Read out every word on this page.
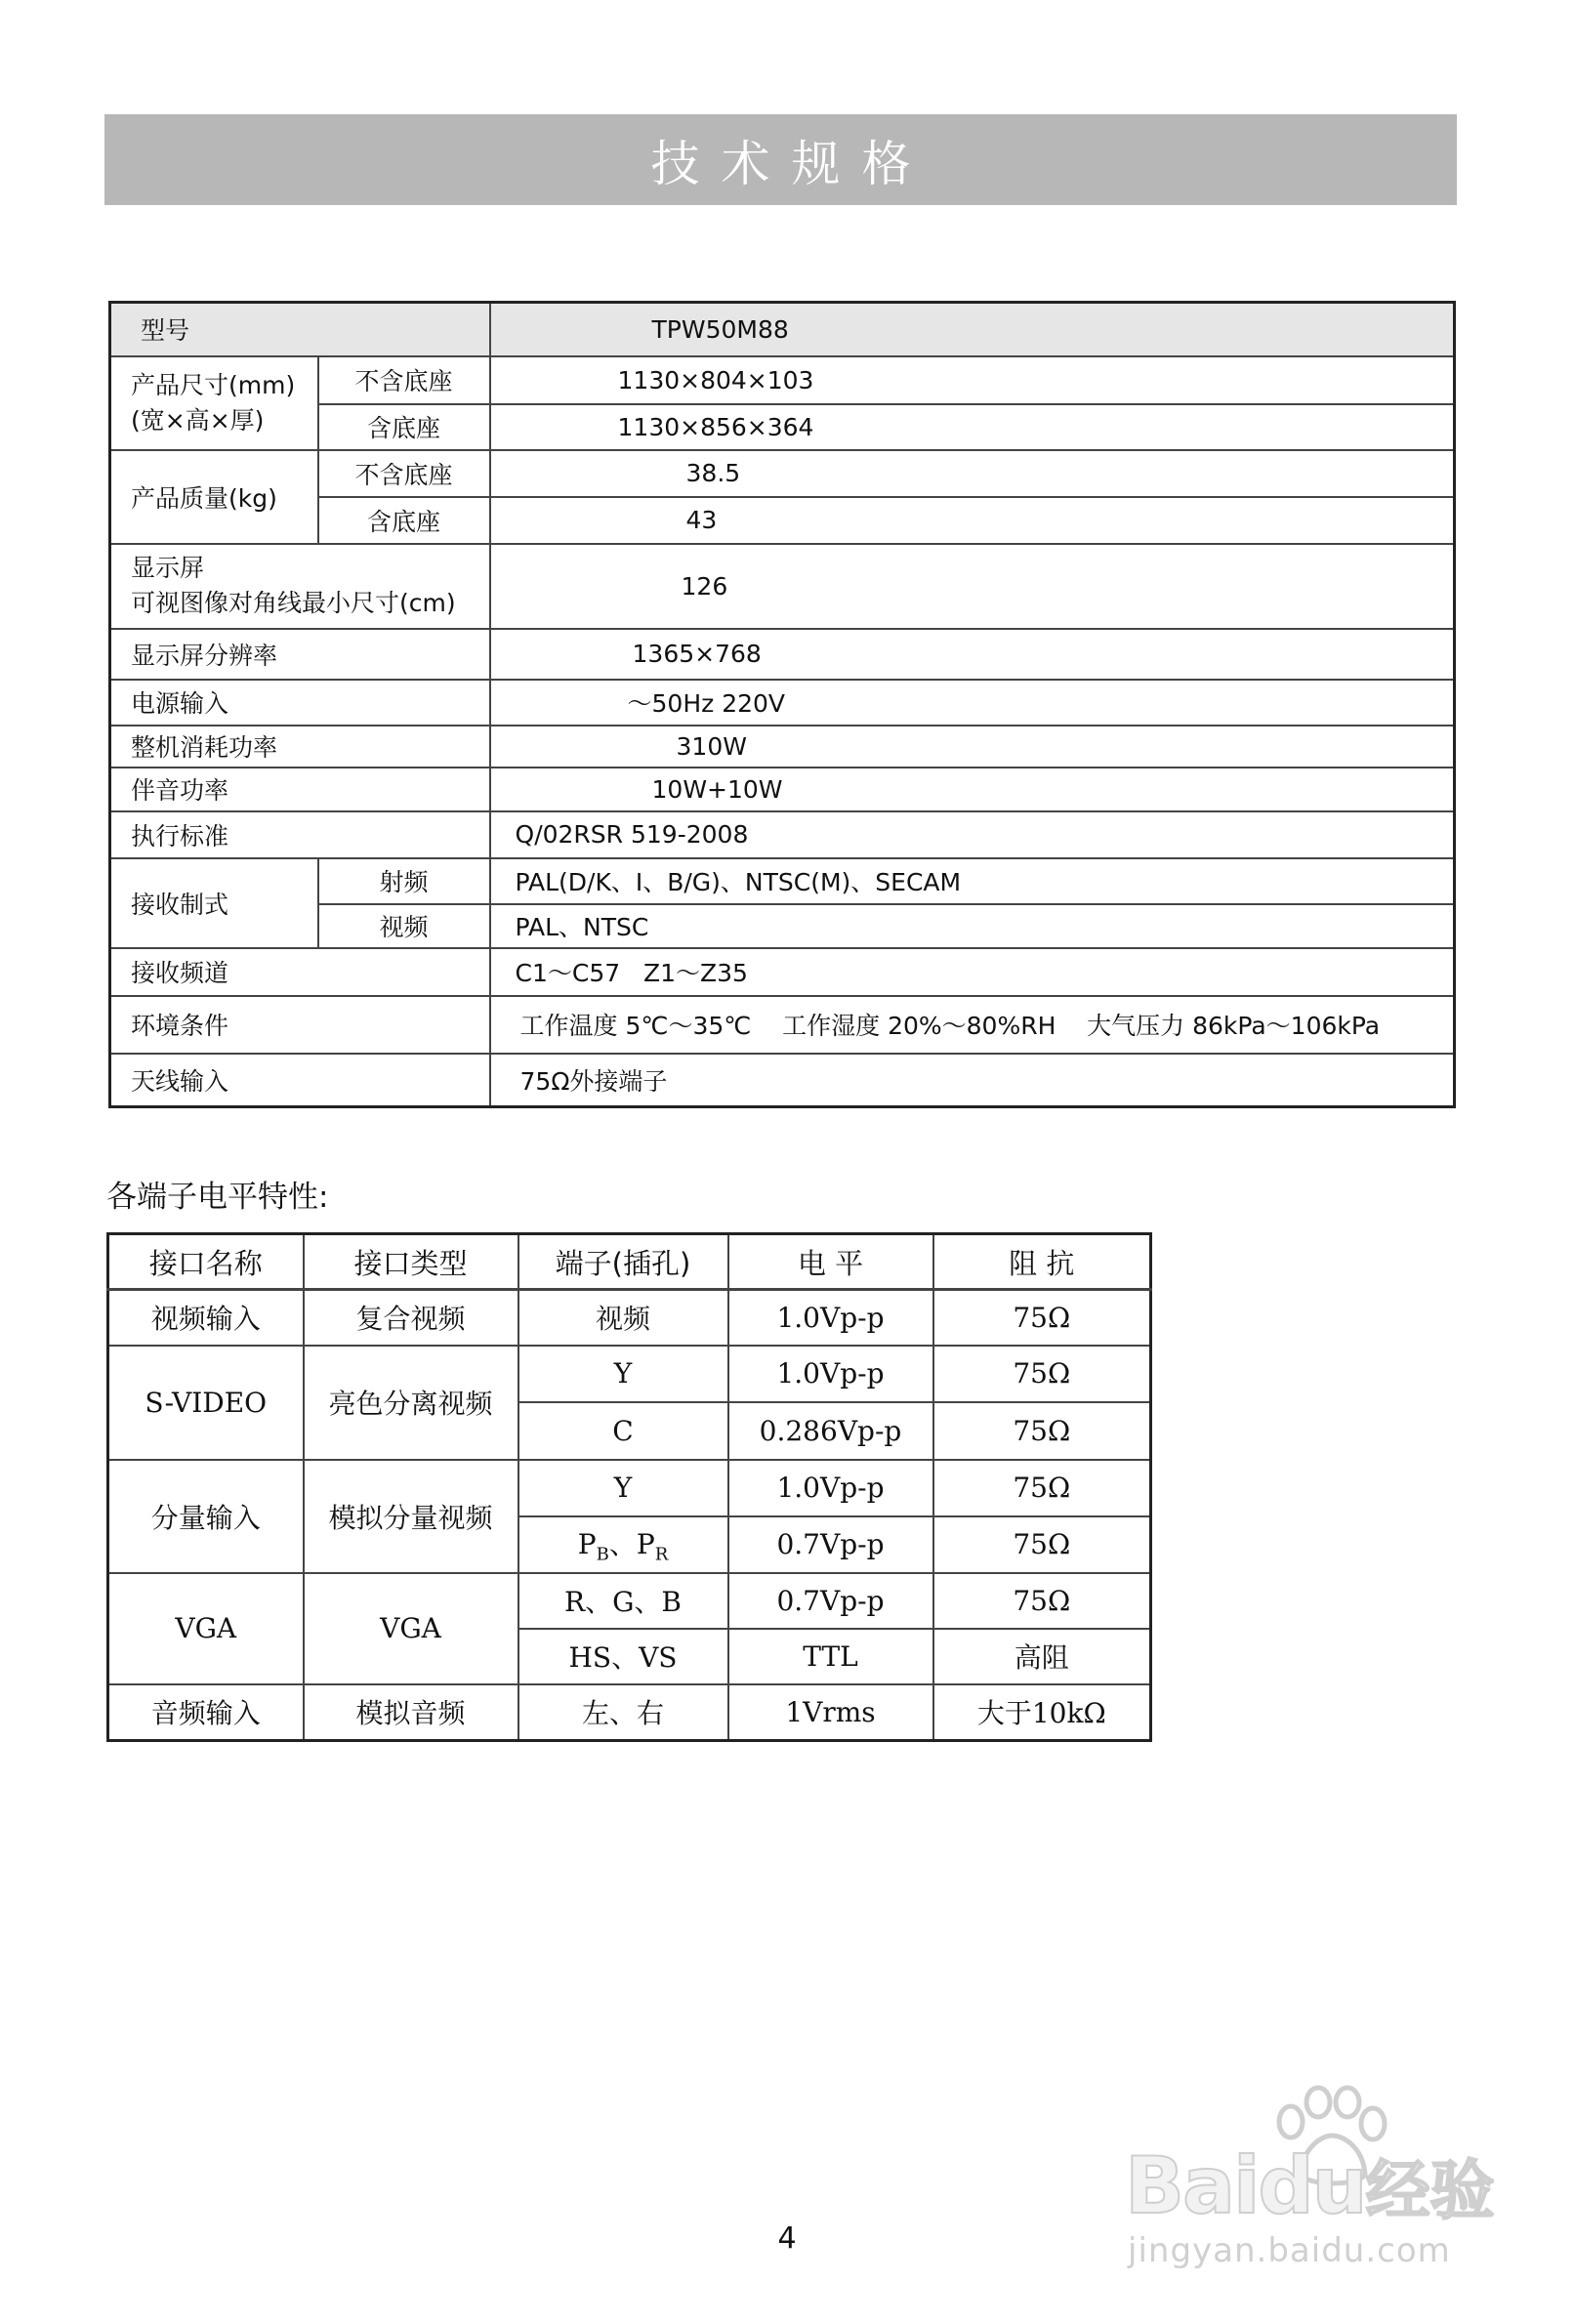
技术规格
型号		TPW50M88

产品尺寸(mm)
(宽×高×厚)	不含底座	1130×804×103
	含底座	1130×856×364
产品质量(kg)	不含底座	38.5
	含底座	43

显示屏
可视图像对角线最小尺寸(cm)		126
显示屏分辨率		1365×768
电源输入		～50Hz 220V
整机消耗功率		310W
伴音功率		10W+10W
执行标准		Q/02RSR 519-2008
接收制式	射频	PAL(D/K、I、B/G)、NTSC(M)、SECAM
	视频	PAL、NTSC
接收频道		C1～C57   Z1～Z35
环境条件		工作温度 5℃～35℃    工作湿度 20%～80%RH    大气压力 86kPa～106kPa
天线输入		75Ω外接端子
各端子电平特性:
接口名称	接口类型	端子(插孔)	电 平	阻 抗
视频输入	复合视频	视频	1.0Vp-p	75Ω
S-VIDEO	亮色分离视频	Y	1.0Vp-p	75Ω
		C	0.286Vp-p	75Ω
分量输入	模拟分量视频	Y	1.0Vp-p	75Ω
		$P_B$、$P_R$	0.7Vp-p	75Ω
VGA	VGA	R、G、B	0.7Vp-p	75Ω
		HS、VS	TTL	高阻
音频输入	模拟音频	左、右	1Vrms	大于10kΩ
4
Baidu经验
jingyan.baidu.com
